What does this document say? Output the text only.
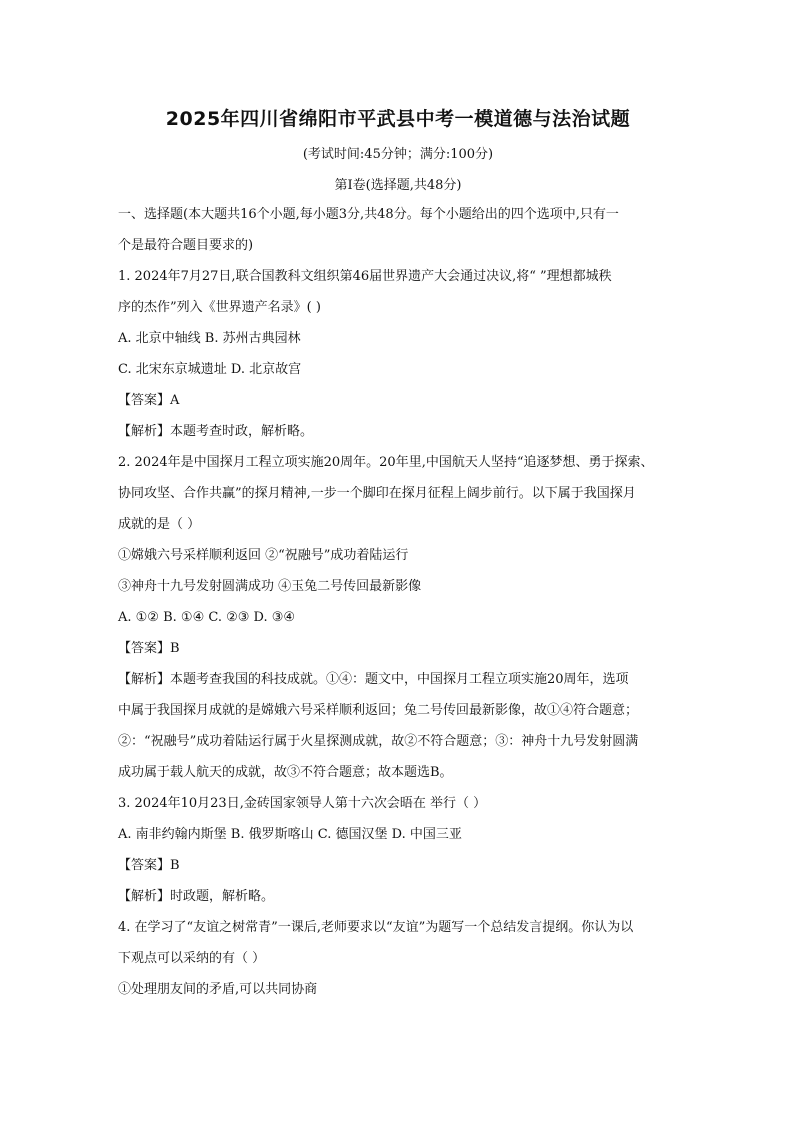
2025年四川省绵阳市平武县中考一模道德与法治试题
(考试时间:45分钟；满分:100分)
第Ⅰ卷(选择题,共48分)
一、选择题(本大题共16个小题,每小题3分,共48分。每个小题给出的四个选项中,只有一
个是最符合题目要求的)
1. 2024年7月27日,联合国教科文组织第46届世界遗产大会通过决议,将“ ”理想都城秩
序的杰作”列入《世界遗产名录》( )
A. 北京中轴线 B. 苏州古典园林
C. 北宋东京城遗址 D. 北京故宫
【答案】A
【解析】本题考查时政，解析略。
2. 2024年是中国探月工程立项实施20周年。20年里,中国航天人坚持“追逐梦想、勇于探索、
协同攻坚、合作共赢”的探月精神,一步一个脚印在探月征程上阔步前行。以下属于我国探月
成就的是（ ）
①嫦娥六号采样顺利返回 ②“祝融号”成功着陆运行
③神舟十九号发射圆满成功 ④玉兔二号传回最新影像
A. ①② B. ①④ C. ②③ D. ③④
【答案】B
【解析】本题考查我国的科技成就。①④：题文中，中国探月工程立项实施20周年，选项
中属于我国探月成就的是嫦娥六号采样顺利返回；兔二号传回最新影像，故①④符合题意；
②：“祝融号”成功着陆运行属于火星探测成就，故②不符合题意；③：神舟十九号发射圆满
成功属于载人航天的成就，故③不符合题意；故本题选B。
3. 2024年10月23日,金砖国家领导人第十六次会晤在 举行（ ）
A. 南非约翰内斯堡 B. 俄罗斯喀山 C. 德国汉堡 D. 中国三亚
【答案】B
【解析】时政题，解析略。
4. 在学习了“友谊之树常青”一课后,老师要求以“友谊”为题写一个总结发言提纲。你认为以
下观点可以采纳的有（ ）
①处理朋友间的矛盾,可以共同协商
